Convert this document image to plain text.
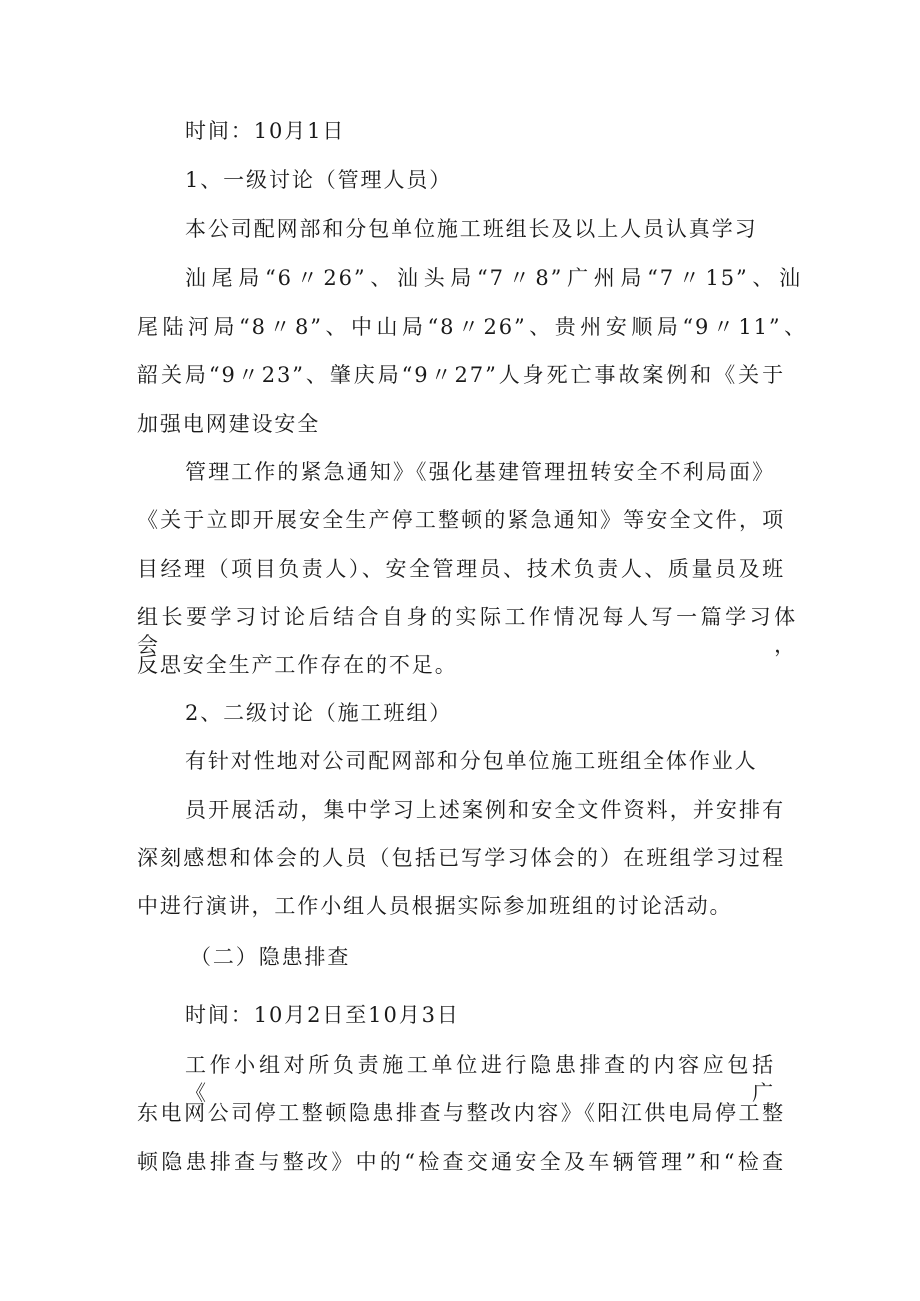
时间：10月1日
1、一级讨论（管理人员）
本公司配网部和分包单位施工班组长及以上人员认真学习
汕尾局“6〃26”、汕头局“7〃8”广州局“7〃15”、汕
尾陆河局“8〃8”、中山局“8〃26”、贵州安顺局“9〃11”、
韶关局“9〃23”、肇庆局“9〃27”人身死亡事故案例和《关于
加强电网建设安全
管理工作的紧急通知》《强化基建管理扭转安全不利局面》
《关于立即开展安全生产停工整顿的紧急通知》等安全文件，项
目经理（项目负责人）、安全管理员、技术负责人、质量员及班
组长要学习讨论后结合自身的实际工作情况每人写一篇学习体会，
反思安全生产工作存在的不足。
2、二级讨论（施工班组）
有针对性地对公司配网部和分包单位施工班组全体作业人
员开展活动，集中学习上述案例和安全文件资料，并安排有
深刻感想和体会的人员（包括已写学习体会的）在班组学习过程
中进行演讲，工作小组人员根据实际参加班组的讨论活动。
（二）隐患排查
时间：10月2日至10月3日
工作小组对所负责施工单位进行隐患排查的内容应包括《广
东电网公司停工整顿隐患排查与整改内容》《阳江供电局停工整
顿隐患排查与整改》中的“检查交通安全及车辆管理”和“检查
